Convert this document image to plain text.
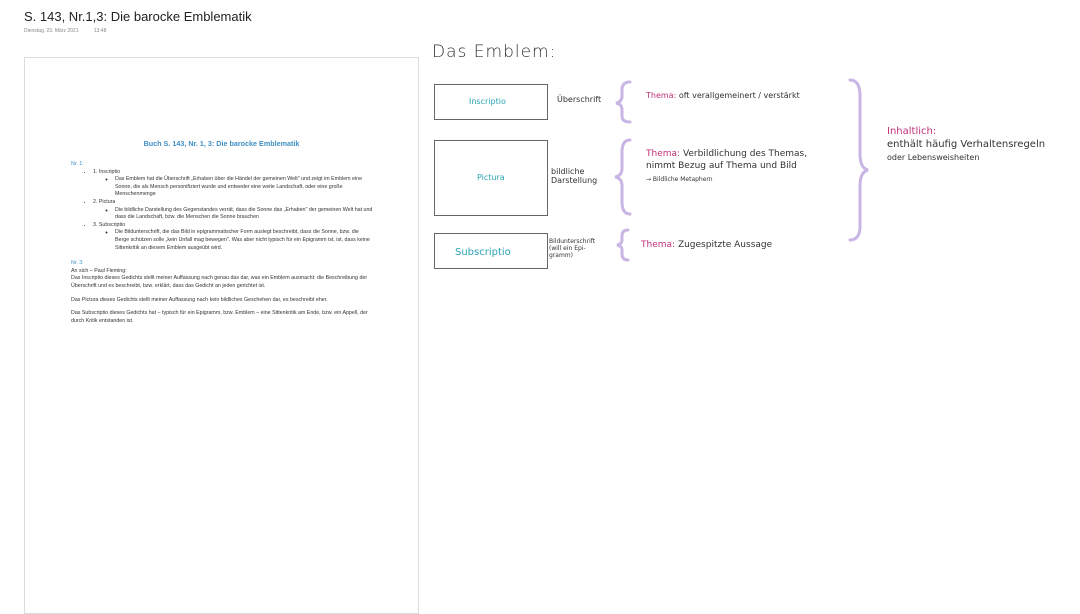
S. 143, Nr.1,3: Die barocke Emblematik
Dienstag, 23. März 2021	13:48
Buch S. 143, Nr. 1, 3: Die barocke Emblematik
Nr. 1:
• 1. Inscriptio
◦ Das Emblem hat die Überschrift „Erhaben über die Händel der gemeinen Welt" und zeigt im Emblem eine Sonne, die als Mensch personifiziert wurde und entweder eine weite Landschaft, oder eine große Menschenmenge
• 2. Pictura
◦ Die bildliche Darstellung des Gegenstandes verrät, dass die Sonne das „Erhaben" der gemeinen Welt hat und dass die Landschaft, bzw. die Menschen die Sonne brauchen
• 3. Subscriptio
◦ Die Bildunterschrift, die das Bild in epigrammatischer Form auslegt beschreibt, dass die Sonne, bzw. die Berge schützen solle „kein Unfall mag bewegen". Was aber nicht typisch für ein Epigramm ist, ist, dass keine Sittenkritik an diesem Emblem ausgeübt wird.
Nr. 3:
An sich – Paul Fleming:

Das Inscriptio dieses Gedichts stellt meiner Auffassung nach genau das dar, was ein Emblem ausmacht: die Beschreibung der Überschrift und es beschreibt, bzw. erklärt, dass das Gedicht an jeden gerichtet ist.

Das Pictura dieses Gedichts stellt meiner Auffassung nach kein bildliches Geschehen dar, es beschreibt eher.

Das Subscriptio dieses Gedichts hat – typisch für ein Epigramm, bzw. Emblem – eine Sittenkritik am Ende, bzw. ein Appell, der durch Kritik entstanden ist.

Das Emblem:
Inscriptio
Pictura
Subscriptio
Überschrift
bildliche
Darstellung
Bildunterschrift
(will ein Epi-
gramm)
Thema: oft verallgemeinert / verstärkt
Thema: Verbildlichung des Themas,
nimmt Bezug auf Thema und Bild
→ Bildliche Metaphern
Thema: Zugespitzte Aussage
Inhaltlich:
enthält häufig Verhaltensregeln
oder Lebensweisheiten
